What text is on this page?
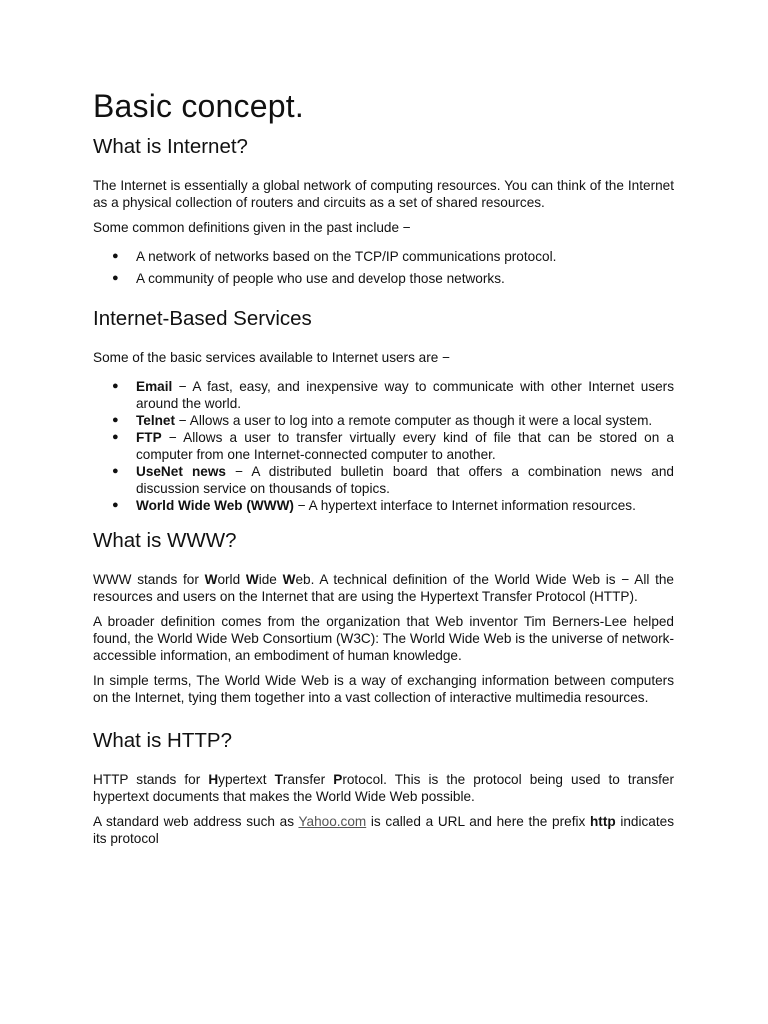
Basic concept.
What is Internet?

The Internet is essentially a global network of computing resources. You can think of the Internet as a physical collection of routers and circuits as a set of shared resources.

Some common definitions given in the past include −

● A network of networks based on the TCP/IP communications protocol.
● A community of people who use and develop those networks.
Internet-Based Services

Some of the basic services available to Internet users are −

● Email − A fast, easy, and inexpensive way to communicate with other Internet users around the world.
● Telnet − Allows a user to log into a remote computer as though it were a local system.
● FTP − Allows a user to transfer virtually every kind of file that can be stored on a computer from one Internet-connected computer to another.
● UseNet news − A distributed bulletin board that offers a combination news and discussion service on thousands of topics.
● World Wide Web (WWW) − A hypertext interface to Internet information resources.
What is WWW?

WWW stands for World Wide Web. A technical definition of the World Wide Web is − All the resources and users on the Internet that are using the Hypertext Transfer Protocol (HTTP).

A broader definition comes from the organization that Web inventor Tim Berners-Lee helped found, the World Wide Web Consortium (W3C): The World Wide Web is the universe of network-accessible information, an embodiment of human knowledge.

In simple terms, The World Wide Web is a way of exchanging information between computers on the Internet, tying them together into a vast collection of interactive multimedia resources.

What is HTTP?

HTTP stands for Hypertext Transfer Protocol. This is the protocol being used to transfer hypertext documents that makes the World Wide Web possible.

A standard web address such as Yahoo.com is called a URL and here the prefix http indicates its protocol
